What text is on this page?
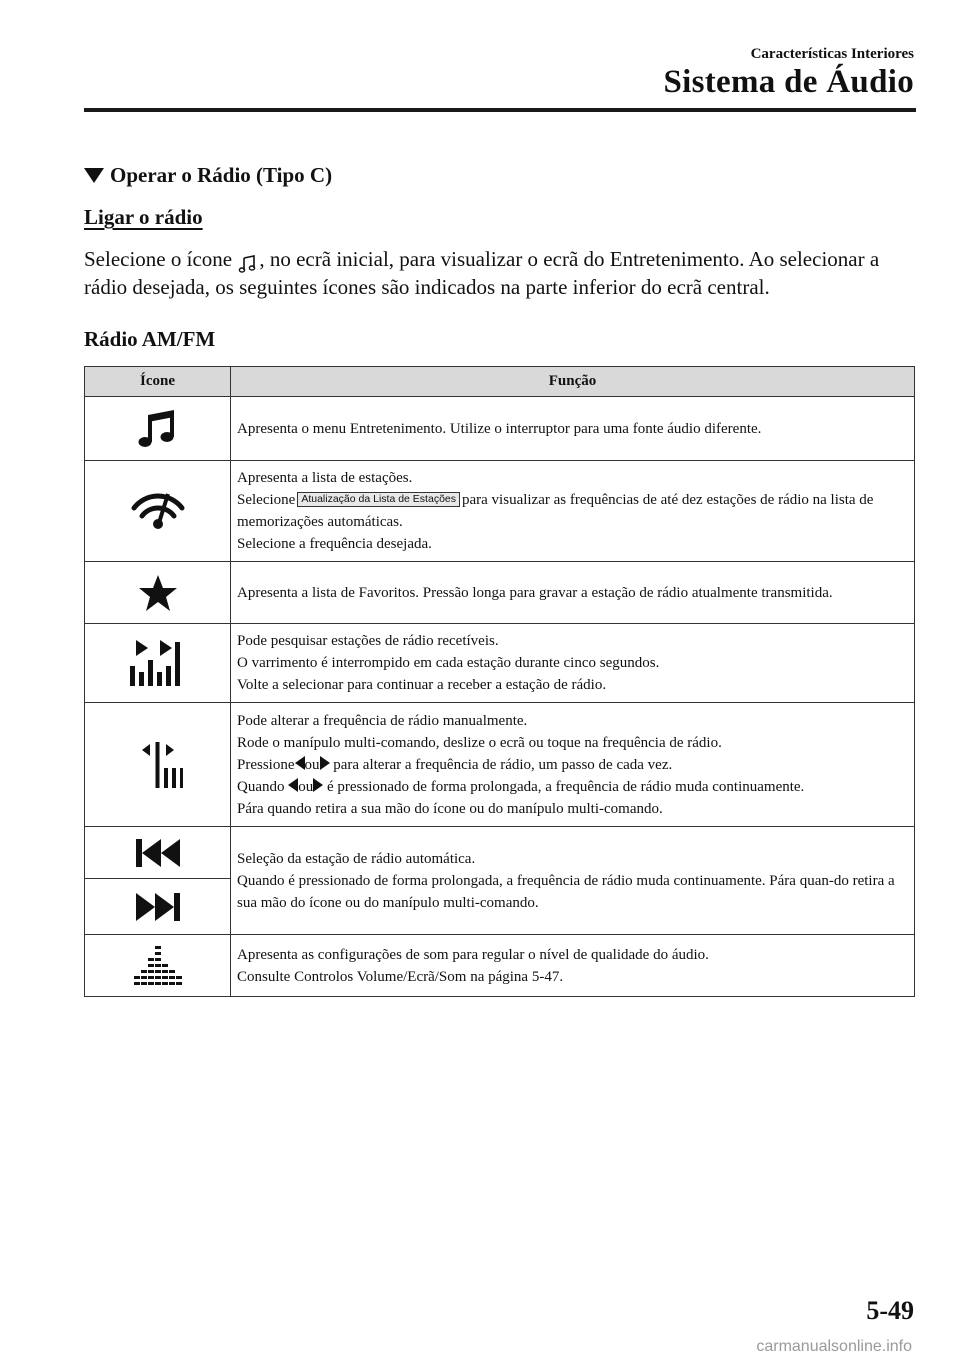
Características Interiores
Sistema de Áudio
Operar o Rádio (Tipo C)
Ligar o rádio
Selecione o ícone , no ecrã inicial, para visualizar o ecrã do Entretenimento. Ao selecionar a rádio desejada, os seguintes ícones são indicados na parte inferior do ecrã central.
Rádio AM/FM
Ícone	Função
	Apresenta o menu Entretenimento. Utilize o interruptor para uma fonte áudio diferente.

Apresenta a lista de estações.
Selecione Atualização da Lista de Estações para visualizar as frequências de até dez estações de rádio na lista de memorizações automáticas.
Selecione a frequência desejada.

	Apresenta a lista de Favoritos. Pressão longa para gravar a estação de rádio atualmente transmitida.

Pode pesquisar estações de rádio recetíveis.
O varrimento é interrompido em cada estação durante cinco segundos.
Volte a selecionar para continuar a receber a estação de rádio.

Pode alterar a frequência de rádio manualmente.
Rode o manípulo multi-comando, deslize o ecrã ou toque na frequência de rádio.
Pressione ou para alterar a frequência de rádio, um passo de cada vez.
Quando ou é pressionado de forma prolongada, a frequência de rádio muda continuamente.
Pára quando retira a sua mão do ícone ou do manípulo multi-comando.

Seleção da estação de rádio automática.
Quando é pressionado de forma prolongada, a frequência de rádio muda continuamente. Pára quan-do retira a sua mão do ícone ou do manípulo multi-comando.

Apresenta as configurações de som para regular o nível de qualidade do áudio.
Consulte Controlos Volume/Ecrã/Som na página 5-47.
5-49
carmanualsonline.info
